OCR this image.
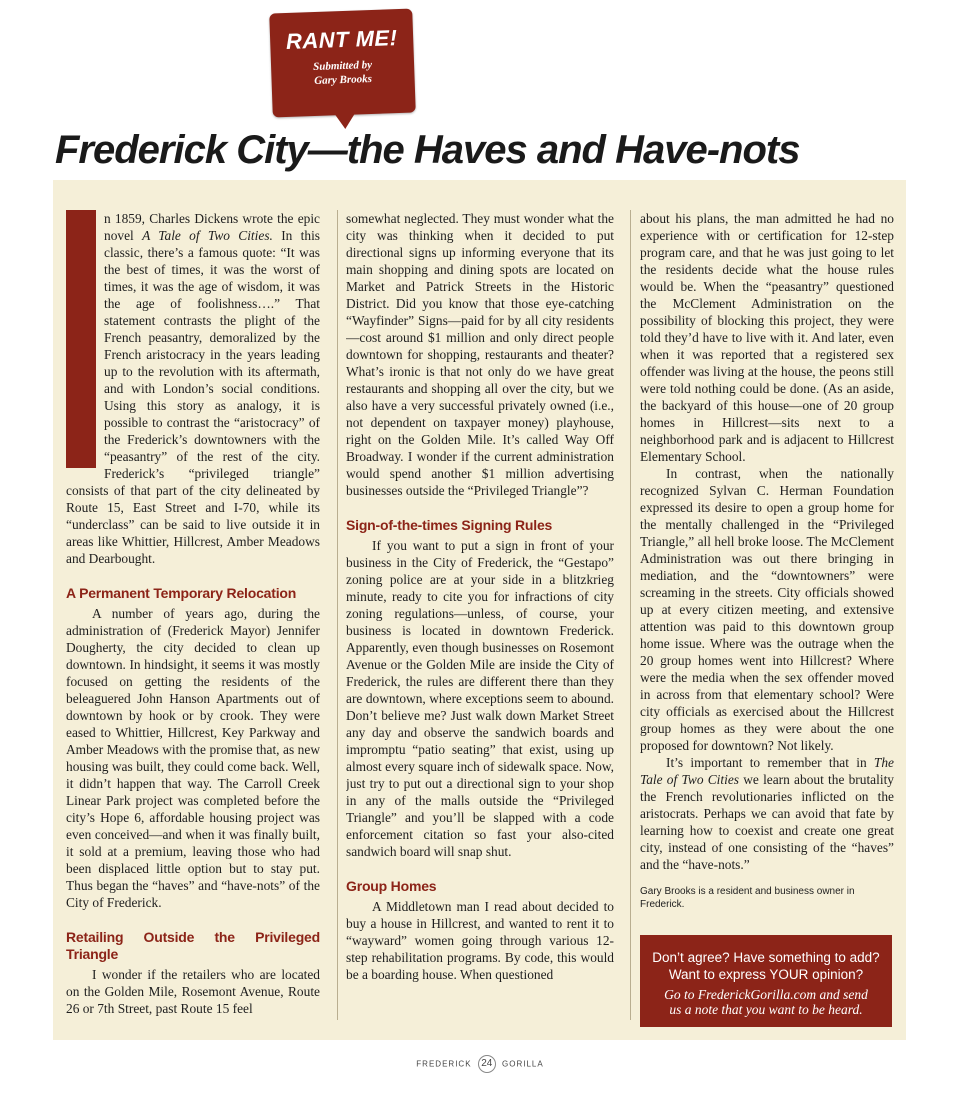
RANT ME!
Submitted by
Gary Brooks
Frederick City—the Haves and Have-nots

n 1859, Charles Dickens wrote the epic novel A Tale of Two Cities. In this classic, there’s a famous quote: “It was the best of times, it was the worst of times, it was the age of wisdom, it was the age of foolishness….” That statement contrasts the plight of the French peasantry, demoralized by the French aristocracy in the years leading up to the revolution with its aftermath, and with London’s social conditions. Using this story as analogy, it is possible to contrast the “aristocracy” of the Frederick’s downtowners with the “peasantry” of the rest of the city. Frederick’s “privileged triangle” consists of that part of the city delineated by Route 15, East Street and I-70, while its “underclass” can be said to live outside it in areas like Whittier, Hillcrest, Amber Meadows and Dearbought.

A Permanent Temporary Relocation

A number of years ago, during the administration of (Frederick Mayor) Jennifer Dougherty, the city decided to clean up downtown. In hindsight, it seems it was mostly focused on getting the residents of the beleaguered John Hanson Apartments out of downtown by hook or by crook. They were eased to Whittier, Hillcrest, Key Parkway and Amber Meadows with the promise that, as new housing was built, they could come back. Well, it didn’t happen that way. The Carroll Creek Linear Park project was completed before the city’s Hope 6, affordable housing project was even conceived—and when it was finally built, it sold at a premium, leaving those who had been displaced little option but to stay put. Thus began the “haves” and “have-nots” of the City of Frederick.

Retailing Outside the Privileged Triangle

I wonder if the retailers who are located on the Golden Mile, Rosemont Avenue, Route 26 or 7th Street, past Route 15 feel

somewhat neglected. They must wonder what the city was thinking when it decided to put directional signs up informing everyone that its main shopping and dining spots are located on Market and Patrick Streets in the Historic District. Did you know that those eye-catching “Wayfinder” Signs—paid for by all city residents—cost around $1 million and only direct people downtown for shopping, restaurants and theater? What’s ironic is that not only do we have great restaurants and shopping all over the city, but we also have a very successful privately owned (i.e., not dependent on taxpayer money) playhouse, right on the Golden Mile. It’s called Way Off Broadway. I wonder if the current administration would spend another $1 million advertising businesses outside the “Privileged Triangle”?

Sign-of-the-times Signing Rules

If you want to put a sign in front of your business in the City of Frederick, the “Gestapo” zoning police are at your side in a blitzkrieg minute, ready to cite you for infractions of city zoning regulations—unless, of course, your business is located in downtown Frederick. Apparently, even though businesses on Rosemont Avenue or the Golden Mile are inside the City of Frederick, the rules are different there than they are downtown, where exceptions seem to abound. Don’t believe me? Just walk down Market Street any day and observe the sandwich boards and impromptu “patio seating” that exist, using up almost every square inch of sidewalk space. Now, just try to put out a directional sign to your shop in any of the malls outside the “Privileged Triangle” and you’ll be slapped with a code enforcement citation so fast your also-cited sandwich board will snap shut.

Group Homes

A Middletown man I read about decided to buy a house in Hillcrest, and wanted to rent it to “wayward” women going through various 12-step rehabilitation programs. By code, this would be a boarding house. When questioned

about his plans, the man admitted he had no experience with or certification for 12-step program care, and that he was just going to let the residents decide what the house rules would be. When the “peasantry” questioned the McClement Administration on the possibility of blocking this project, they were told they’d have to live with it. And later, even when it was reported that a registered sex offender was living at the house, the peons still were told nothing could be done. (As an aside, the backyard of this house—one of 20 group homes in Hillcrest—sits next to a neighborhood park and is adjacent to Hillcrest Elementary School.

In contrast, when the nationally recognized Sylvan C. Herman Foundation expressed its desire to open a group home for the mentally challenged in the “Privileged Triangle,” all hell broke loose. The McClement Administration was out there bringing in mediation, and the “downtowners” were screaming in the streets. City officials showed up at every citizen meeting, and extensive attention was paid to this downtown group home issue. Where was the outrage when the 20 group homes went into Hillcrest? Where were the media when the sex offender moved in across from that elementary school? Were city officials as exercised about the Hillcrest group homes as they were about the one proposed for downtown? Not likely.

It’s important to remember that in The Tale of Two Cities we learn about the brutality the French revolutionaries inflicted on the aristocrats. Perhaps we can avoid that fate by learning how to coexist and create one great city, instead of one consisting of the “haves” and the “have-nots.”

Gary Brooks is a resident and business owner in Frederick.

Don’t agree? Have something to add?
Want to express YOUR opinion?
Go to FrederickGorilla.com and send
us a note that you want to be heard.
FREDERICK 24 GORILLA
